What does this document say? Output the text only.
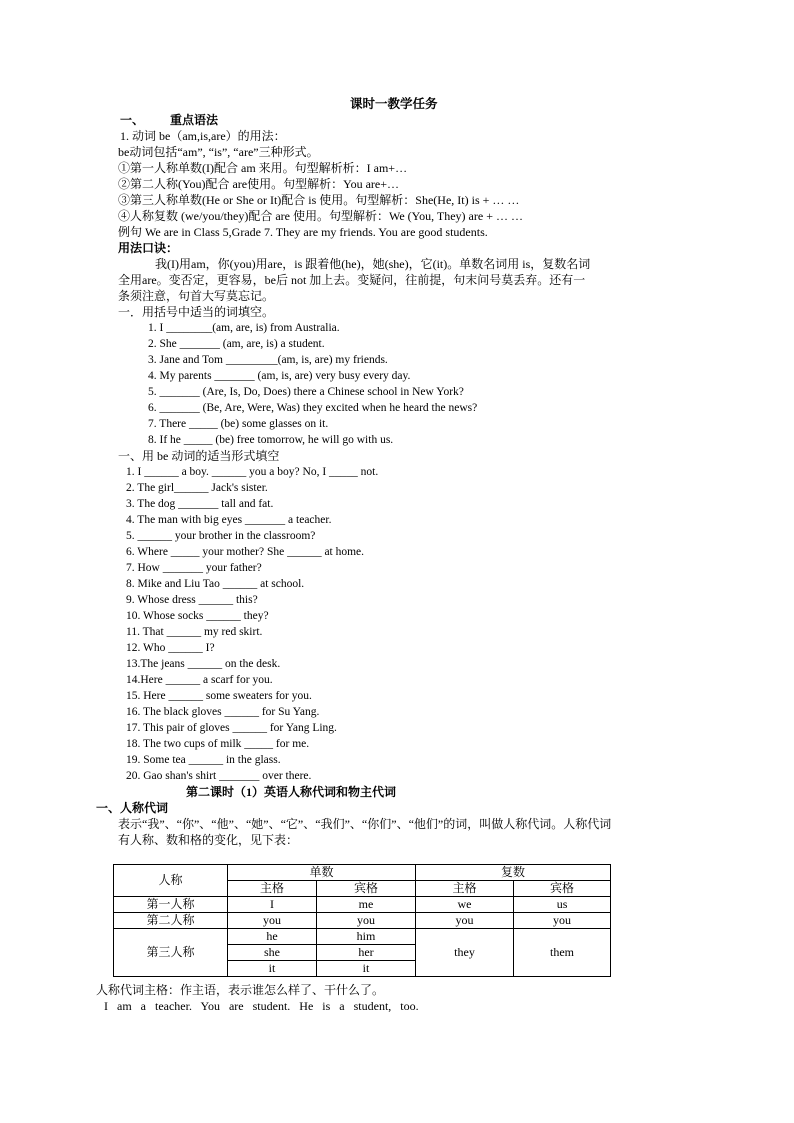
课时一教学任务
一、 重点语法
1. 动词 be（am,is,are）的用法：
be动词包括“am”, “is”, “are”三种形式。
①第一人称单数(I)配合 am 来用。句型解析析：I am+…
②第二人称(You)配合 are使用。句型解析：You are+…
③第三人称单数(He or She or It)配合 is 使用。句型解析：She(He, It) is + … …
④人称复数 (we/you/they)配合 are 使用。句型解析：We (You, They) are + … …
例句 We are in Class 5,Grade 7. They are my friends. You are good students.
用法口诀：
我(I)用am，你(you)用are，is 跟着他(he)，她(she)，它(it)。单数名词用 is，复数名词
全用are。变否定，更容易，be后 not 加上去。变疑问，往前提，句末问号莫丢弃。还有一
条须注意，句首大写莫忘记。
一．用括号中适当的词填空。
1. I ________(am, are, is) from Australia.
2. She _______ (am, are, is) a student.
3. Jane and Tom _________(am, is, are) my friends.
4. My parents _______ (am, is, are) very busy every day.
5. _______ (Are, Is, Do, Does) there a Chinese school in New York?
6. _______ (Be, Are, Were, Was) they excited when he heard the news?
7. There _____ (be) some glasses on it.
8. If he _____ (be) free tomorrow, he will go with us.
一、用 be 动词的适当形式填空
1. I ______ a boy. ______ you a boy? No, I _____ not.
2. The girl______ Jack's sister.
3. The dog _______ tall and fat.
4. The man with big eyes _______ a teacher.
5. ______ your brother in the classroom?
6. Where _____ your mother? She ______ at home.
7. How _______ your father?
8. Mike and Liu Tao ______ at school.
9. Whose dress ______ this?
10. Whose socks ______ they?
11. That ______ my red skirt.
12. Who ______ I?
13.The jeans ______ on the desk.
14.Here ______ a scarf for you.
15. Here ______ some sweaters for you.
16. The black gloves ______ for Su Yang.
17. This pair of gloves ______ for Yang Ling.
18. The two cups of milk _____ for me.
19. Some tea ______ in the glass.
20. Gao shan's shirt _______ over there.
第二课时（1）英语人称代词和物主代词
一、人称代词
表示“我”、“你”、“他”、“她”、“它”、“我们”、“你们”、“他们”的词，叫做人称代词。人称代词
有人称、数和格的变化，见下表：
人称	单数		复数	
	主格	宾格	主格	宾格
第一人称	I	me	we	us
第二人称	you	you	you	you
第三人称	he	him	they	them
	she	her		
	it	it		
人称代词主格：作主语，表示谁怎么样了、干什么了。
I am a teacher. You are student. He is a student, too.
